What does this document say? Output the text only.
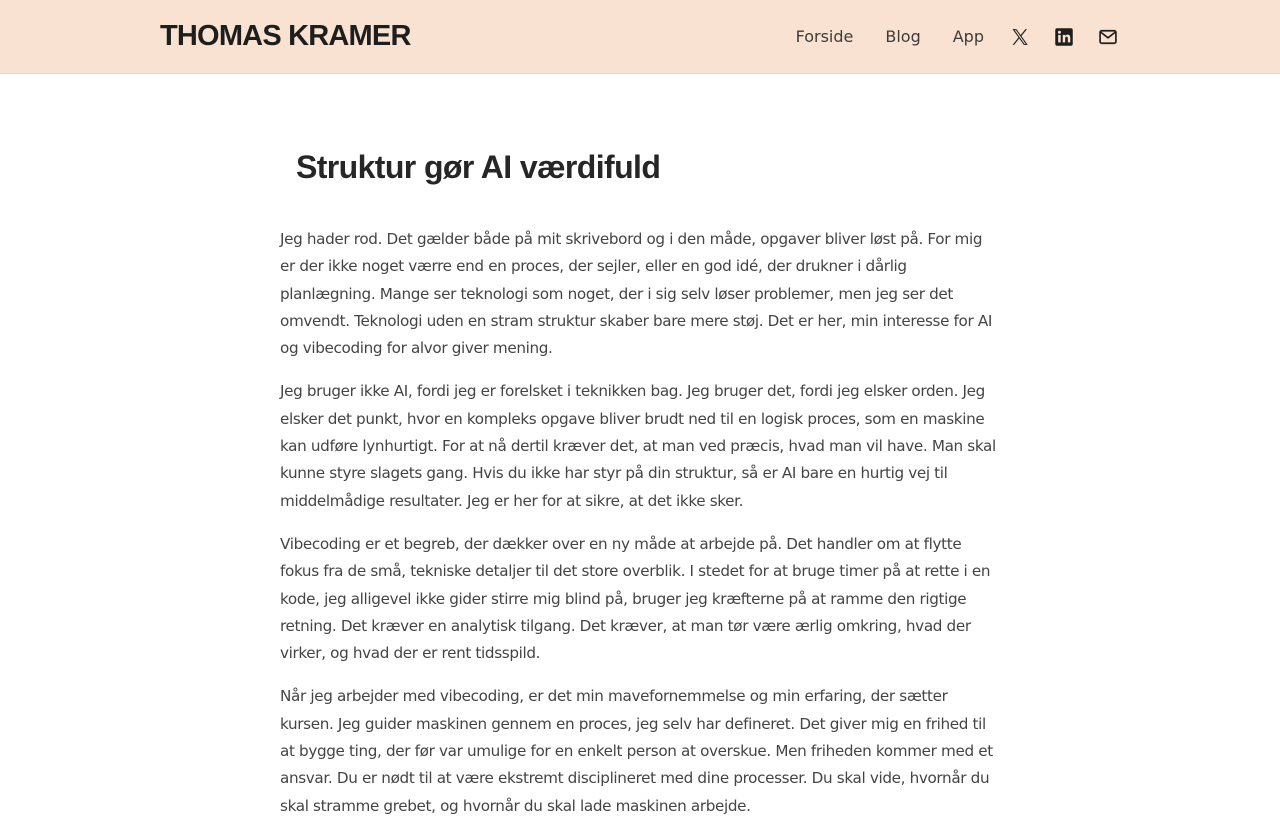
THOMAS KRAMER	Forside Blog App
Struktur gør AI værdifuld

Jeg hader rod. Det gælder både på mit skrivebord og i den måde, opgaver bliver løst på. For mig er der ikke noget værre end en proces, der sejler, eller en god idé, der drukner i dårlig planlægning. Mange ser teknologi som noget, der i sig selv løser problemer, men jeg ser det omvendt. Teknologi uden en stram struktur skaber bare mere støj. Det er her, min interesse for AI og vibecoding for alvor giver mening.

Jeg bruger ikke AI, fordi jeg er forelsket i teknikken bag. Jeg bruger det, fordi jeg elsker orden. Jeg elsker det punkt, hvor en kompleks opgave bliver brudt ned til en logisk proces, som en maskine kan udføre lynhurtigt. For at nå dertil kræver det, at man ved præcis, hvad man vil have. Man skal kunne styre slagets gang. Hvis du ikke har styr på din struktur, så er AI bare en hurtig vej til middelmådige resultater. Jeg er her for at sikre, at det ikke sker.

Vibecoding er et begreb, der dækker over en ny måde at arbejde på. Det handler om at flytte fokus fra de små, tekniske detaljer til det store overblik. I stedet for at bruge timer på at rette i en kode, jeg alligevel ikke gider stirre mig blind på, bruger jeg kræfterne på at ramme den rigtige retning. Det kræver en analytisk tilgang. Det kræver, at man tør være ærlig omkring, hvad der virker, og hvad der er rent tidsspild.

Når jeg arbejder med vibecoding, er det min mavefornemmelse og min erfaring, der sætter kursen. Jeg guider maskinen gennem en proces, jeg selv har defineret. Det giver mig en frihed til at bygge ting, der før var umulige for en enkelt person at overskue. Men friheden kommer med et ansvar. Du er nødt til at være ekstremt disciplineret med dine processer. Du skal vide, hvornår du skal stramme grebet, og hvornår du skal lade maskinen arbejde.
